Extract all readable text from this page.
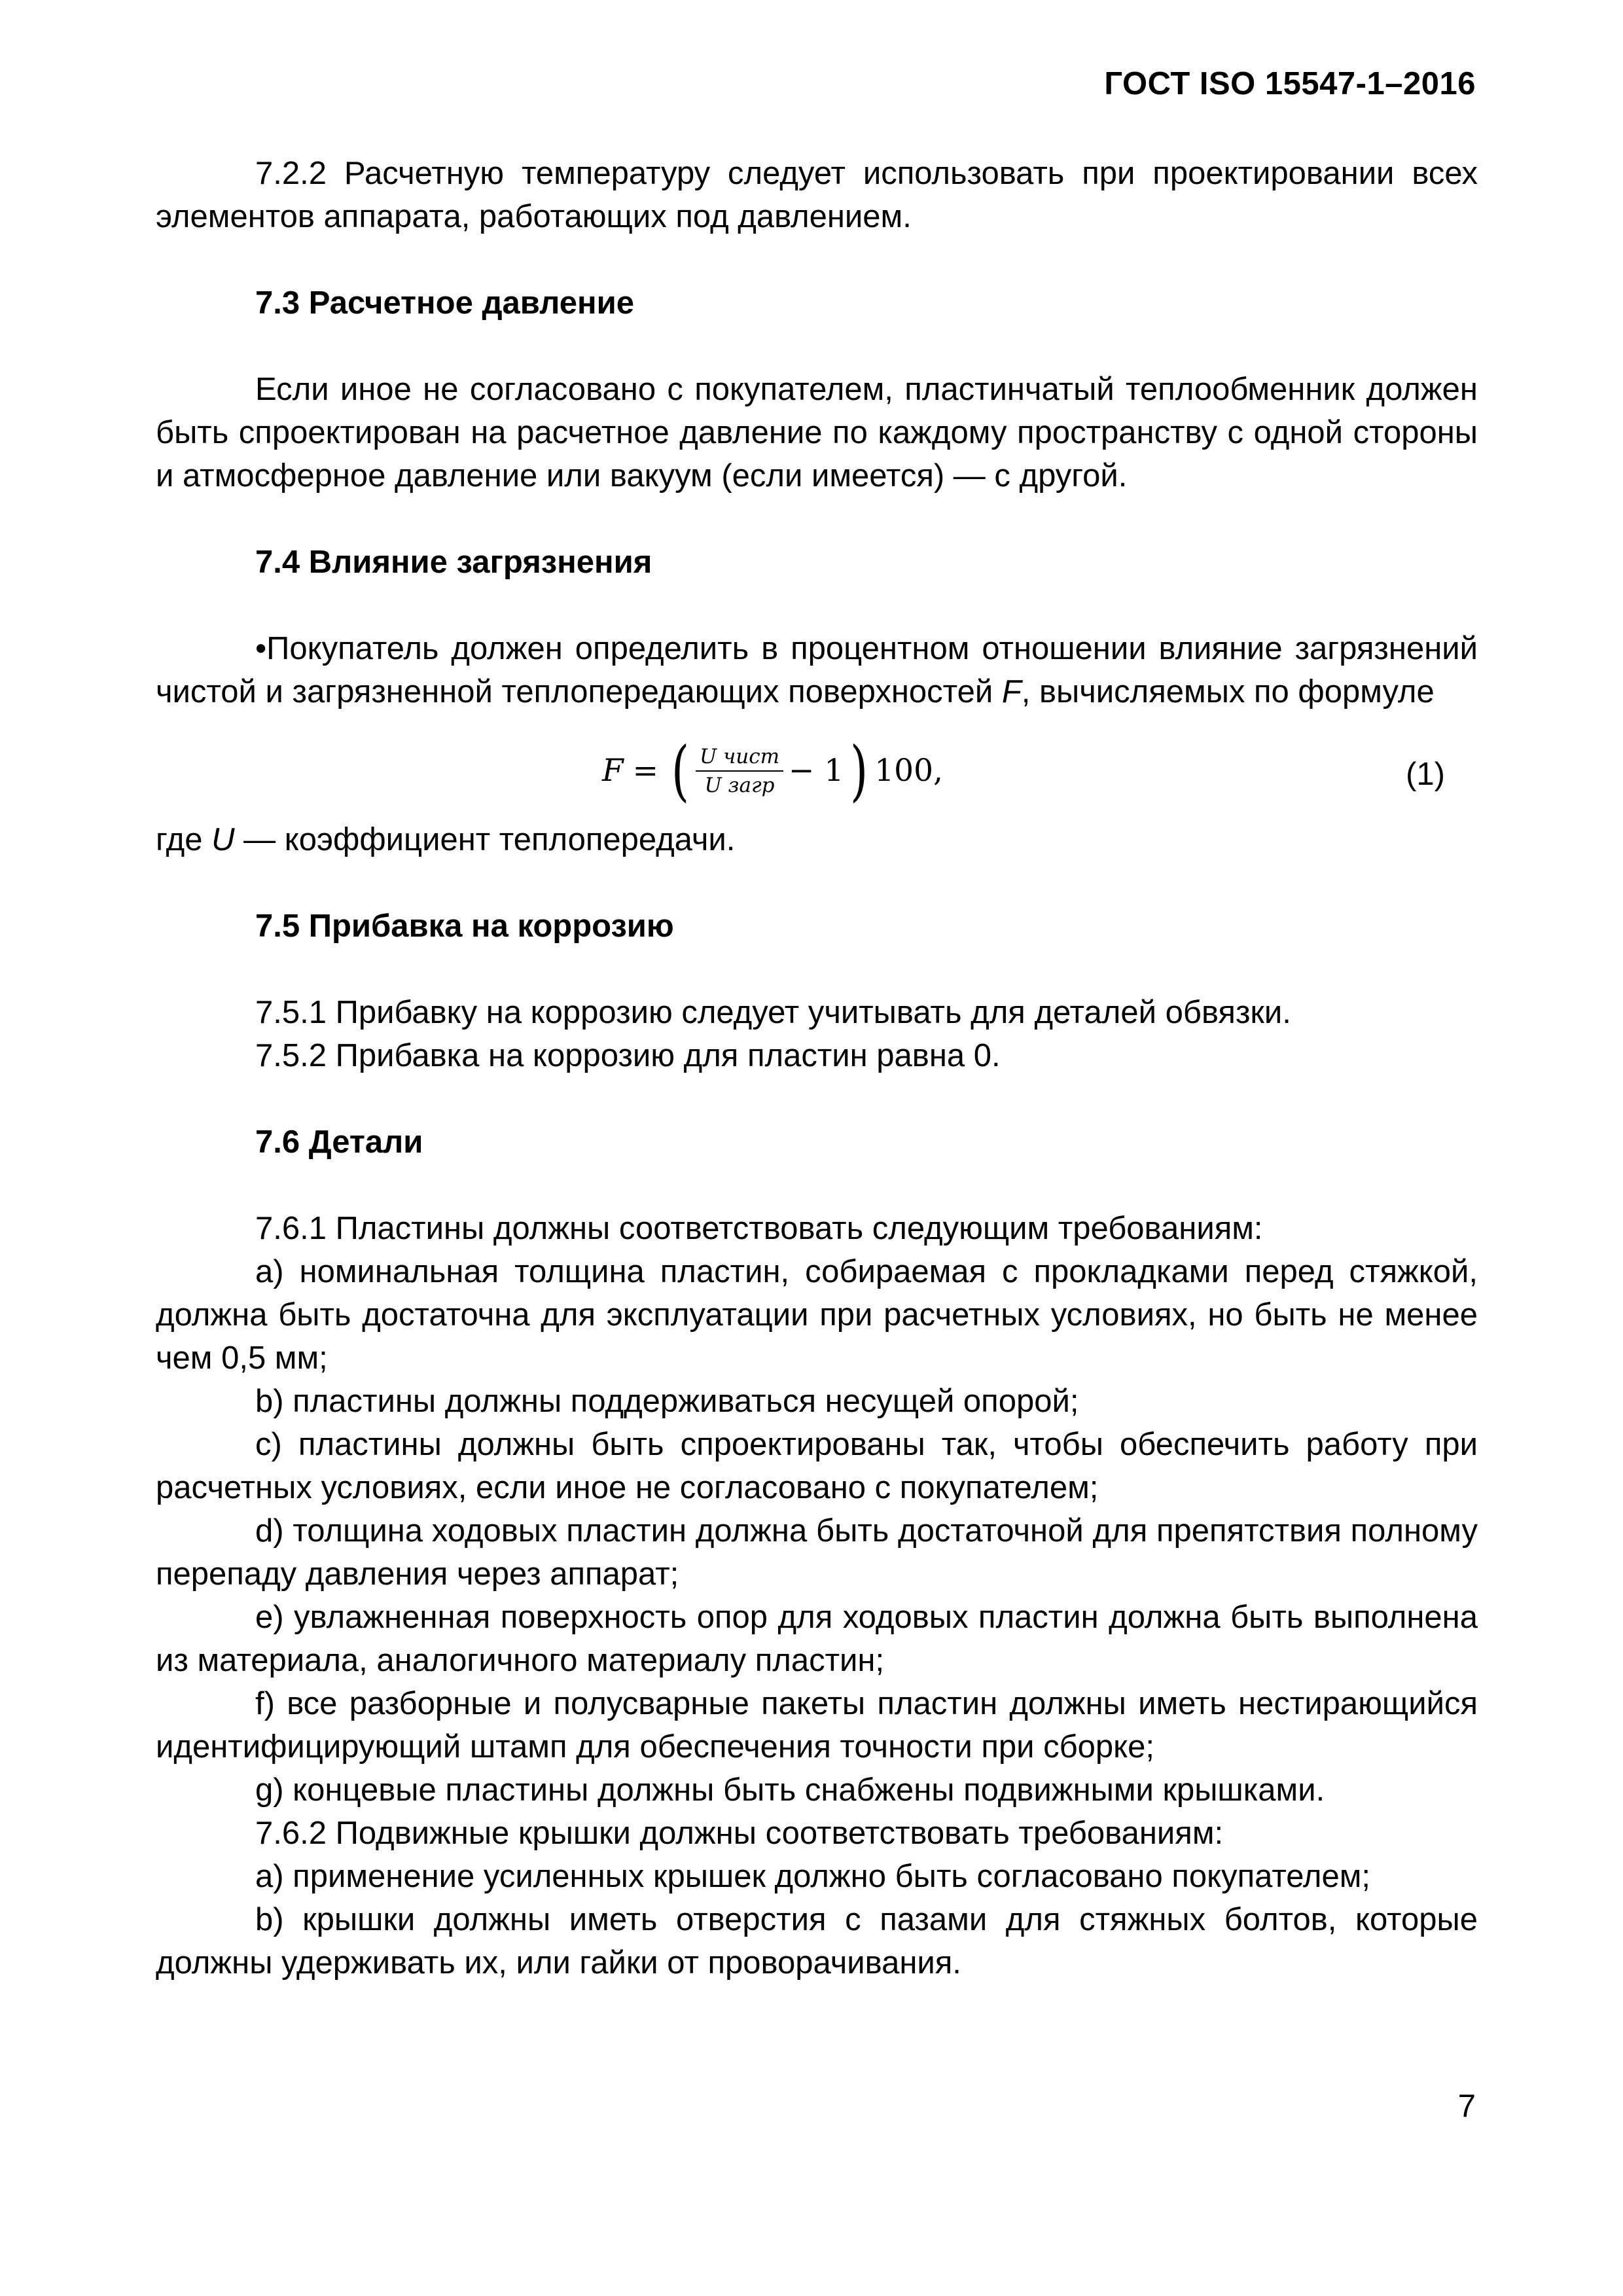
ГОСТ ISO 15547-1–2016

7.2.2 Расчетную температуру следует использовать при проектировании всех элементов аппарата, работающих под давлением.

7.3 Расчетное давление

Если иное не согласовано с покупателем, пластинчатый теплообменник должен быть спроектирован на расчетное давление по каждому пространству с одной стороны и атмосферное давление или вакуум (если имеется) — с другой.

7.4 Влияние загрязнения

•Покупатель должен определить в процентном отношении влияние загрязнений чистой и загрязненной теплопередающих поверхностей F, вычисляемых по формуле

F = ( $\frac{\text{U чист}}{\text{U загр}} - 1$ ) 100,	(1)

где U — коэффициент теплопередачи.

7.5 Прибавка на коррозию

7.5.1 Прибавку на коррозию следует учитывать для деталей обвязки.

7.5.2 Прибавка на коррозию для пластин равна 0.

7.6 Детали

7.6.1 Пластины должны соответствовать следующим требованиям:

a) номинальная толщина пластин, собираемая с прокладками перед стяжкой, должна быть достаточна для эксплуатации при расчетных условиях, но быть не менее чем 0,5 мм;

b) пластины должны поддерживаться несущей опорой;

c) пластины должны быть спроектированы так, чтобы обеспечить работу при расчетных условиях, если иное не согласовано с покупателем;

d) толщина ходовых пластин должна быть достаточной для препятствия полному перепаду давления через аппарат;

e) увлажненная поверхность опор для ходовых пластин должна быть выполнена из материала, аналогичного материалу пластин;

f) все разборные и полусварные пакеты пластин должны иметь нестирающийся идентифицирующий штамп для обеспечения точности при сборке;

g) концевые пластины должны быть снабжены подвижными крышками.

7.6.2 Подвижные крышки должны соответствовать требованиям:

a) применение усиленных крышек должно быть согласовано покупателем;

b) крышки должны иметь отверстия с пазами для стяжных болтов, которые должны удерживать их, или гайки от проворачивания.

7
